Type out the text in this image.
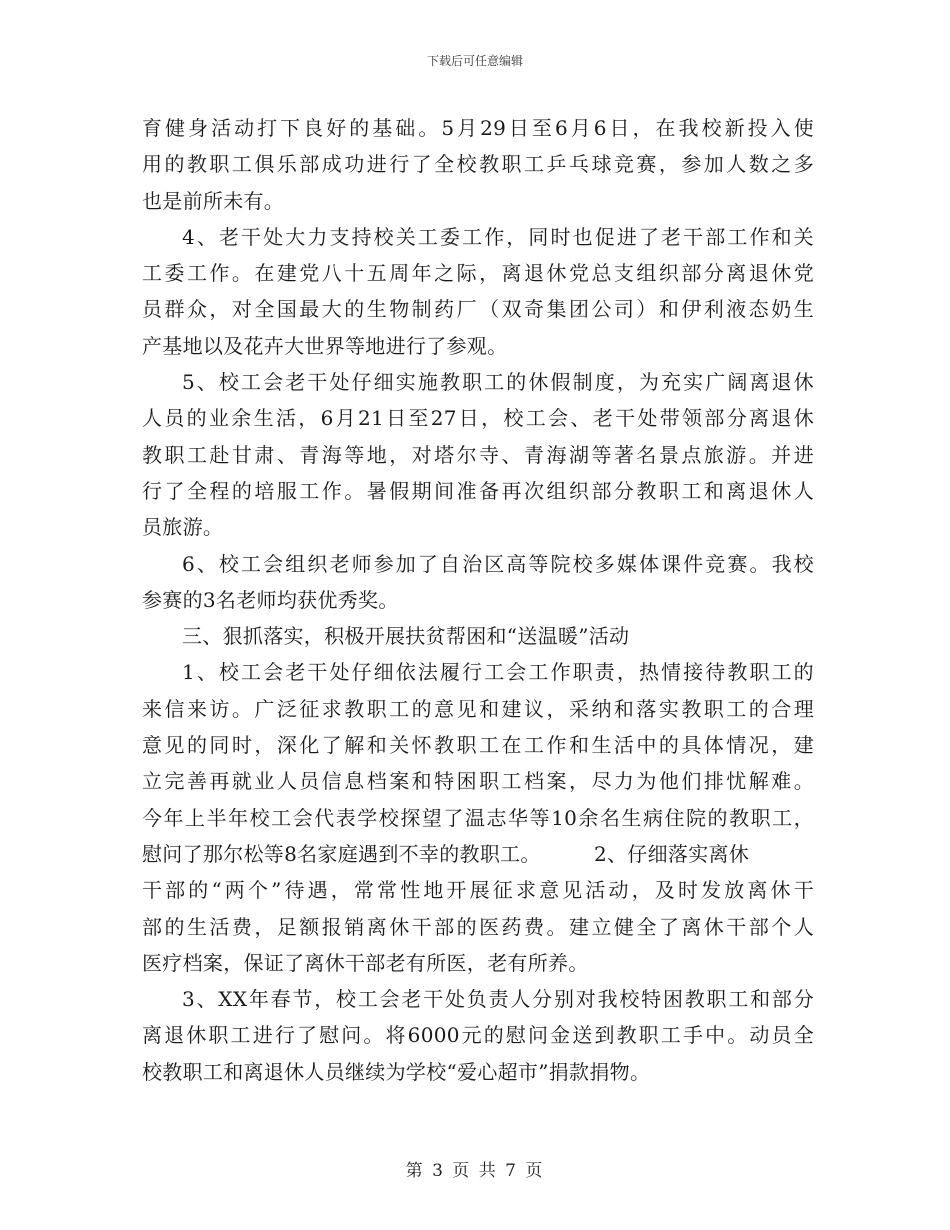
下载后可任意编辑
育健身活动打下良好的基础。5月29日至6月6日，在我校新投入使
用的教职工俱乐部成功进行了全校教职工乒乓球竞赛，参加人数之多
也是前所未有。
4、老干处大力支持校关工委工作，同时也促进了老干部工作和关
工委工作。在建党八十五周年之际，离退休党总支组织部分离退休党
员群众，对全国最大的生物制药厂（双奇集团公司）和伊利液态奶生
产基地以及花卉大世界等地进行了参观。
5、校工会老干处仔细实施教职工的休假制度，为充实广阔离退休
人员的业余生活，6月21日至27日，校工会、老干处带领部分离退休
教职工赴甘肃、青海等地，对塔尔寺、青海湖等著名景点旅游。并进
行了全程的培服工作。暑假期间准备再次组织部分教职工和离退休人
员旅游。
6、校工会组织老师参加了自治区高等院校多媒体课件竞赛。我校
参赛的3名老师均获优秀奖。
三、狠抓落实，积极开展扶贫帮困和“送温暖”活动
1、校工会老干处仔细依法履行工会工作职责，热情接待教职工的
来信来访。广泛征求教职工的意见和建议，采纳和落实教职工的合理
意见的同时，深化了解和关怀教职工在工作和生活中的具体情况，建
立完善再就业人员信息档案和特困职工档案，尽力为他们排忧解难。
今年上半年校工会代表学校探望了温志华等10余名生病住院的教职工，
慰问了那尔松等8名家庭遇到不幸的教职工。        2、仔细落实离休
干部的“两个”待遇，常常性地开展征求意见活动，及时发放离休干
部的生活费，足额报销离休干部的医药费。建立健全了离休干部个人
医疗档案，保证了离休干部老有所医，老有所养。
3、XX年春节，校工会老干处负责人分别对我校特困教职工和部分
离退休职工进行了慰问。将6000元的慰问金送到教职工手中。动员全
校教职工和离退休人员继续为学校“爱心超市”捐款捐物。
第 3 页 共 7 页
